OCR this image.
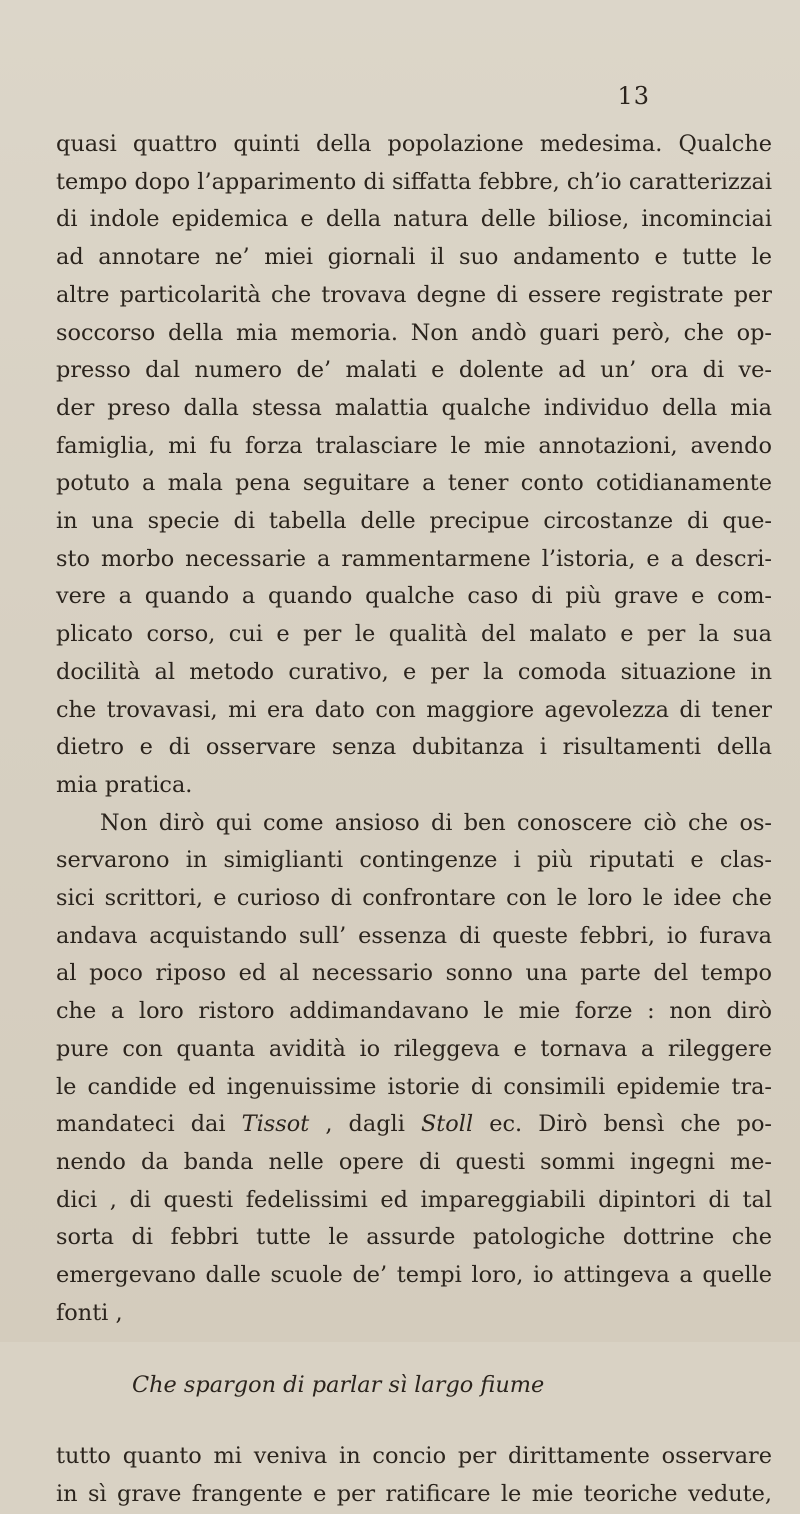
13
quasi quattro quinti della popolazione medesima. Qualche
tempo dopo l’apparimento di siffatta febbre, ch’io caratterizzai
di indole epidemica e della natura delle biliose, incominciai
ad annotare ne’ miei giornali il suo andamento e tutte le
altre particolarità che trovava degne di essere registrate per
soccorso della mia memoria. Non andò guari però, che op-
presso dal numero de’ malati e dolente ad un’ ora di ve-
der preso dalla stessa malattia qualche individuo della mia
famiglia, mi fu forza tralasciare le mie annotazioni, avendo
potuto a mala pena seguitare a tener conto cotidianamente
in una specie di tabella delle precipue circostanze di que-
sto morbo necessarie a rammentarmene l’istoria, e a descri-
vere a quando a quando qualche caso di più grave e com-
plicato corso, cui e per le qualità del malato e per la sua
docilità al metodo curativo, e per la comoda situazione in
che trovavasi, mi era dato con maggiore agevolezza di tener
dietro e di osservare senza dubitanza i risultamenti della
mia pratica.
Non dirò qui come ansioso di ben conoscere ciò che os-
servarono in simiglianti contingenze i più riputati e clas-
sici scrittori, e curioso di confrontare con le loro le idee che
andava acquistando sull’ essenza di queste febbri, io furava
al poco riposo ed al necessario sonno una parte del tempo
che a loro ristoro addimandavano le mie forze : non dirò
pure con quanta avidità io rileggeva e tornava a rileggere
le candide ed ingenuissime istorie di consimili epidemie tra-
mandateci dai Tissot , dagli Stoll ec. Dirò bensì che po-
nendo da banda nelle opere di questi sommi ingegni me-
dici , di questi fedelissimi ed impareggiabili dipintori di tal
sorta di febbri tutte le assurde patologiche dottrine che
emergevano dalle scuole de’ tempi loro, io attingeva a quelle
fonti ,
Che spargon di parlar sì largo fiume
tutto quanto mi veniva in concio per dirittamente osservare
in sì grave frangente e per ratificare le mie teoriche vedute,
